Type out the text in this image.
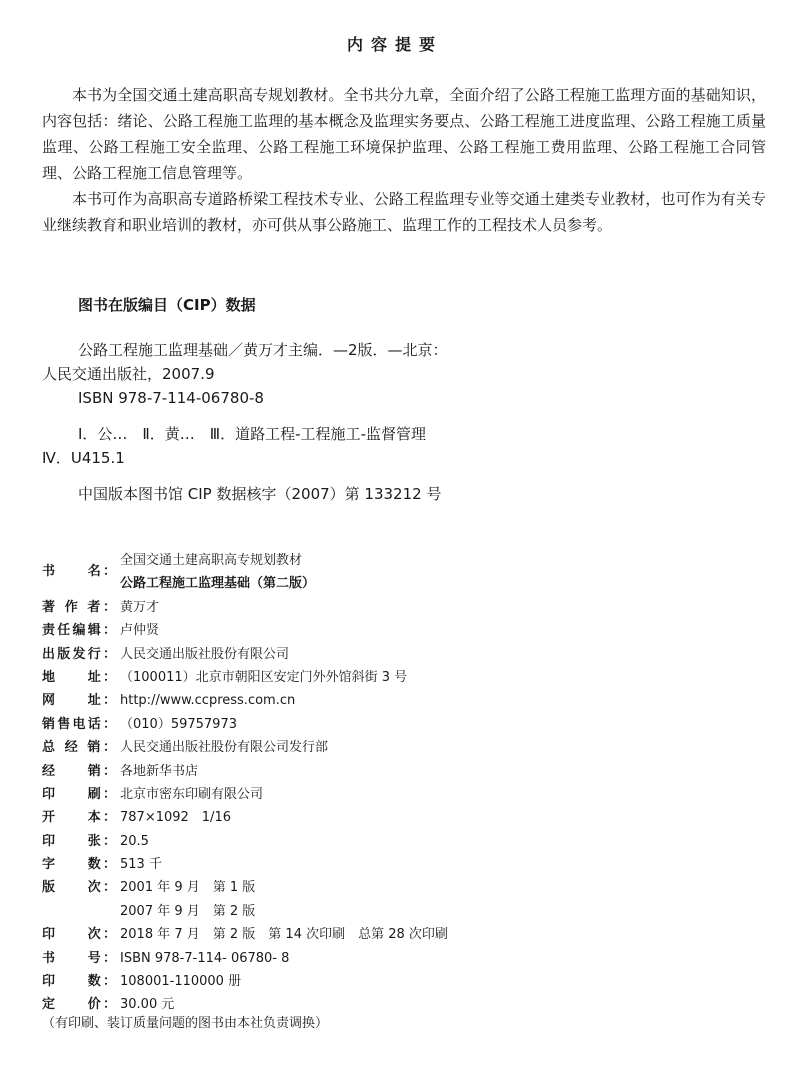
内容提要

本书为全国交通土建高职高专规划教材。全书共分九章，全面介绍了公路工程施工监理方面的基础知识，内容包括：绪论、公路工程施工监理的基本概念及监理实务要点、公路工程施工进度监理、公路工程施工质量监理、公路工程施工安全监理、公路工程施工环境保护监理、公路工程施工费用监理、公路工程施工合同管理、公路工程施工信息管理等。

本书可作为高职高专道路桥梁工程技术专业、公路工程监理专业等交通土建类专业教材，也可作为有关专业继续教育和职业培训的教材，亦可供从事公路施工、监理工作的工程技术人员参考。

图书在版编目（CIP）数据
公路工程施工监理基础／黄万才主编．—2版．—北京：
人民交通出版社，2007.9
ISBN 978-7-114-06780-8
Ⅰ．公…　Ⅱ．黄…　Ⅲ．道路工程-工程施工-监督管理
Ⅳ．U415.1
中国版本图书馆 CIP 数据核字（2007）第 133212 号
书　　名：
全国交通土建高职高专规划教材
公路工程施工监理基础（第二版）
著 作 者： 黄万才
责任编辑： 卢仲贤
出版发行： 人民交通出版社股份有限公司
地　　址： （100011）北京市朝阳区安定门外外馆斜街 3 号
网　　址： http://www.ccpress.com.cn
销售电话： （010）59757973
总 经 销： 人民交通出版社股份有限公司发行部
经　　销： 各地新华书店
印　　刷： 北京市密东印刷有限公司
开　　本： 787×1092　1/16
印　　张： 20.5
字　　数： 513 千
版　　次： 2001 年 9 月　第 1 版
2007 年 9 月　第 2 版
印　　次： 2018 年 7 月　第 2 版　第 14 次印刷　总第 28 次印刷
书　　号： ISBN 978-7-114- 06780- 8
印　　数： 108001-110000 册
定　　价： 30.00 元
（有印刷、装订质量问题的图书由本社负责调换）
